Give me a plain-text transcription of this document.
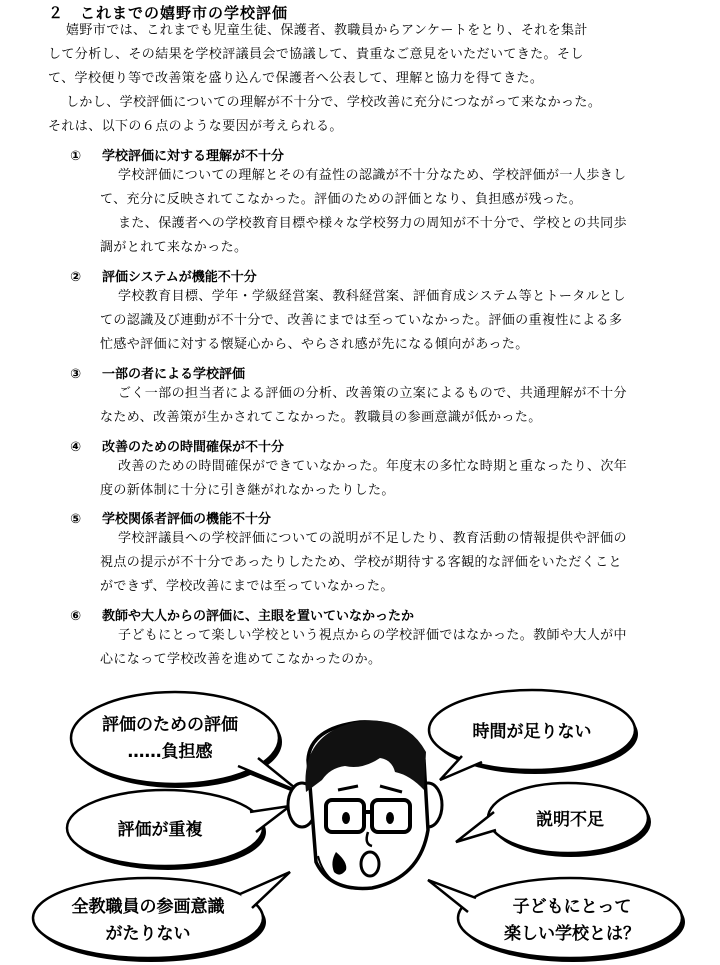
２　これまでの嬉野市の学校評価
嬉野市では、これまでも児童生徒、保護者、教職員からアンケートをとり、それを集計
して分析し、その結果を学校評議員会で協議して、貴重なご意見をいただいてきた。そし
て、学校便り等で改善策を盛り込んで保護者へ公表して、理解と協力を得てきた。
しかし、学校評価についての理解が不十分で、学校改善に充分につながって来なかった。
それは、以下の６点のような要因が考えられる。
① 学校評価に対する理解が不十分
学校評価についての理解とその有益性の認識が不十分なため、学校評価が一人歩きし
て、充分に反映されてこなかった。評価のための評価となり、負担感が残った。
また、保護者への学校教育目標や様々な学校努力の周知が不十分で、学校との共同歩
調がとれて来なかった。
② 評価システムが機能不十分
学校教育目標、学年・学級経営案、教科経営案、評価育成システム等とトータルとし
ての認識及び連動が不十分で、改善にまでは至っていなかった。評価の重複性による多
忙感や評価に対する懐疑心から、やらされ感が先になる傾向があった。
③ 一部の者による学校評価
ごく一部の担当者による評価の分析、改善策の立案によるもので、共通理解が不十分
なため、改善策が生かされてこなかった。教職員の参画意識が低かった。
④ 改善のための時間確保が不十分
改善のための時間確保ができていなかった。年度末の多忙な時期と重なったり、次年
度の新体制に十分に引き継がれなかったりした。
⑤ 学校関係者評価の機能不十分
学校評議員への学校評価についての説明が不足したり、教育活動の情報提供や評価の
視点の提示が不十分であったりしたため、学校が期待する客観的な評価をいただくこと
ができず、学校改善にまでは至っていなかった。
⑥ 教師や大人からの評価に、主眼を置いていなかったか
子どもにとって楽しい学校という視点からの学校評価ではなかった。教師や大人が中
心になって学校改善を進めてこなかったのか。
評価のための評価
……負担感
時間が足りない
評価が重複	説明不足
全教職員の参画意識
がたりない
子どもにとって
楽しい学校とは？
